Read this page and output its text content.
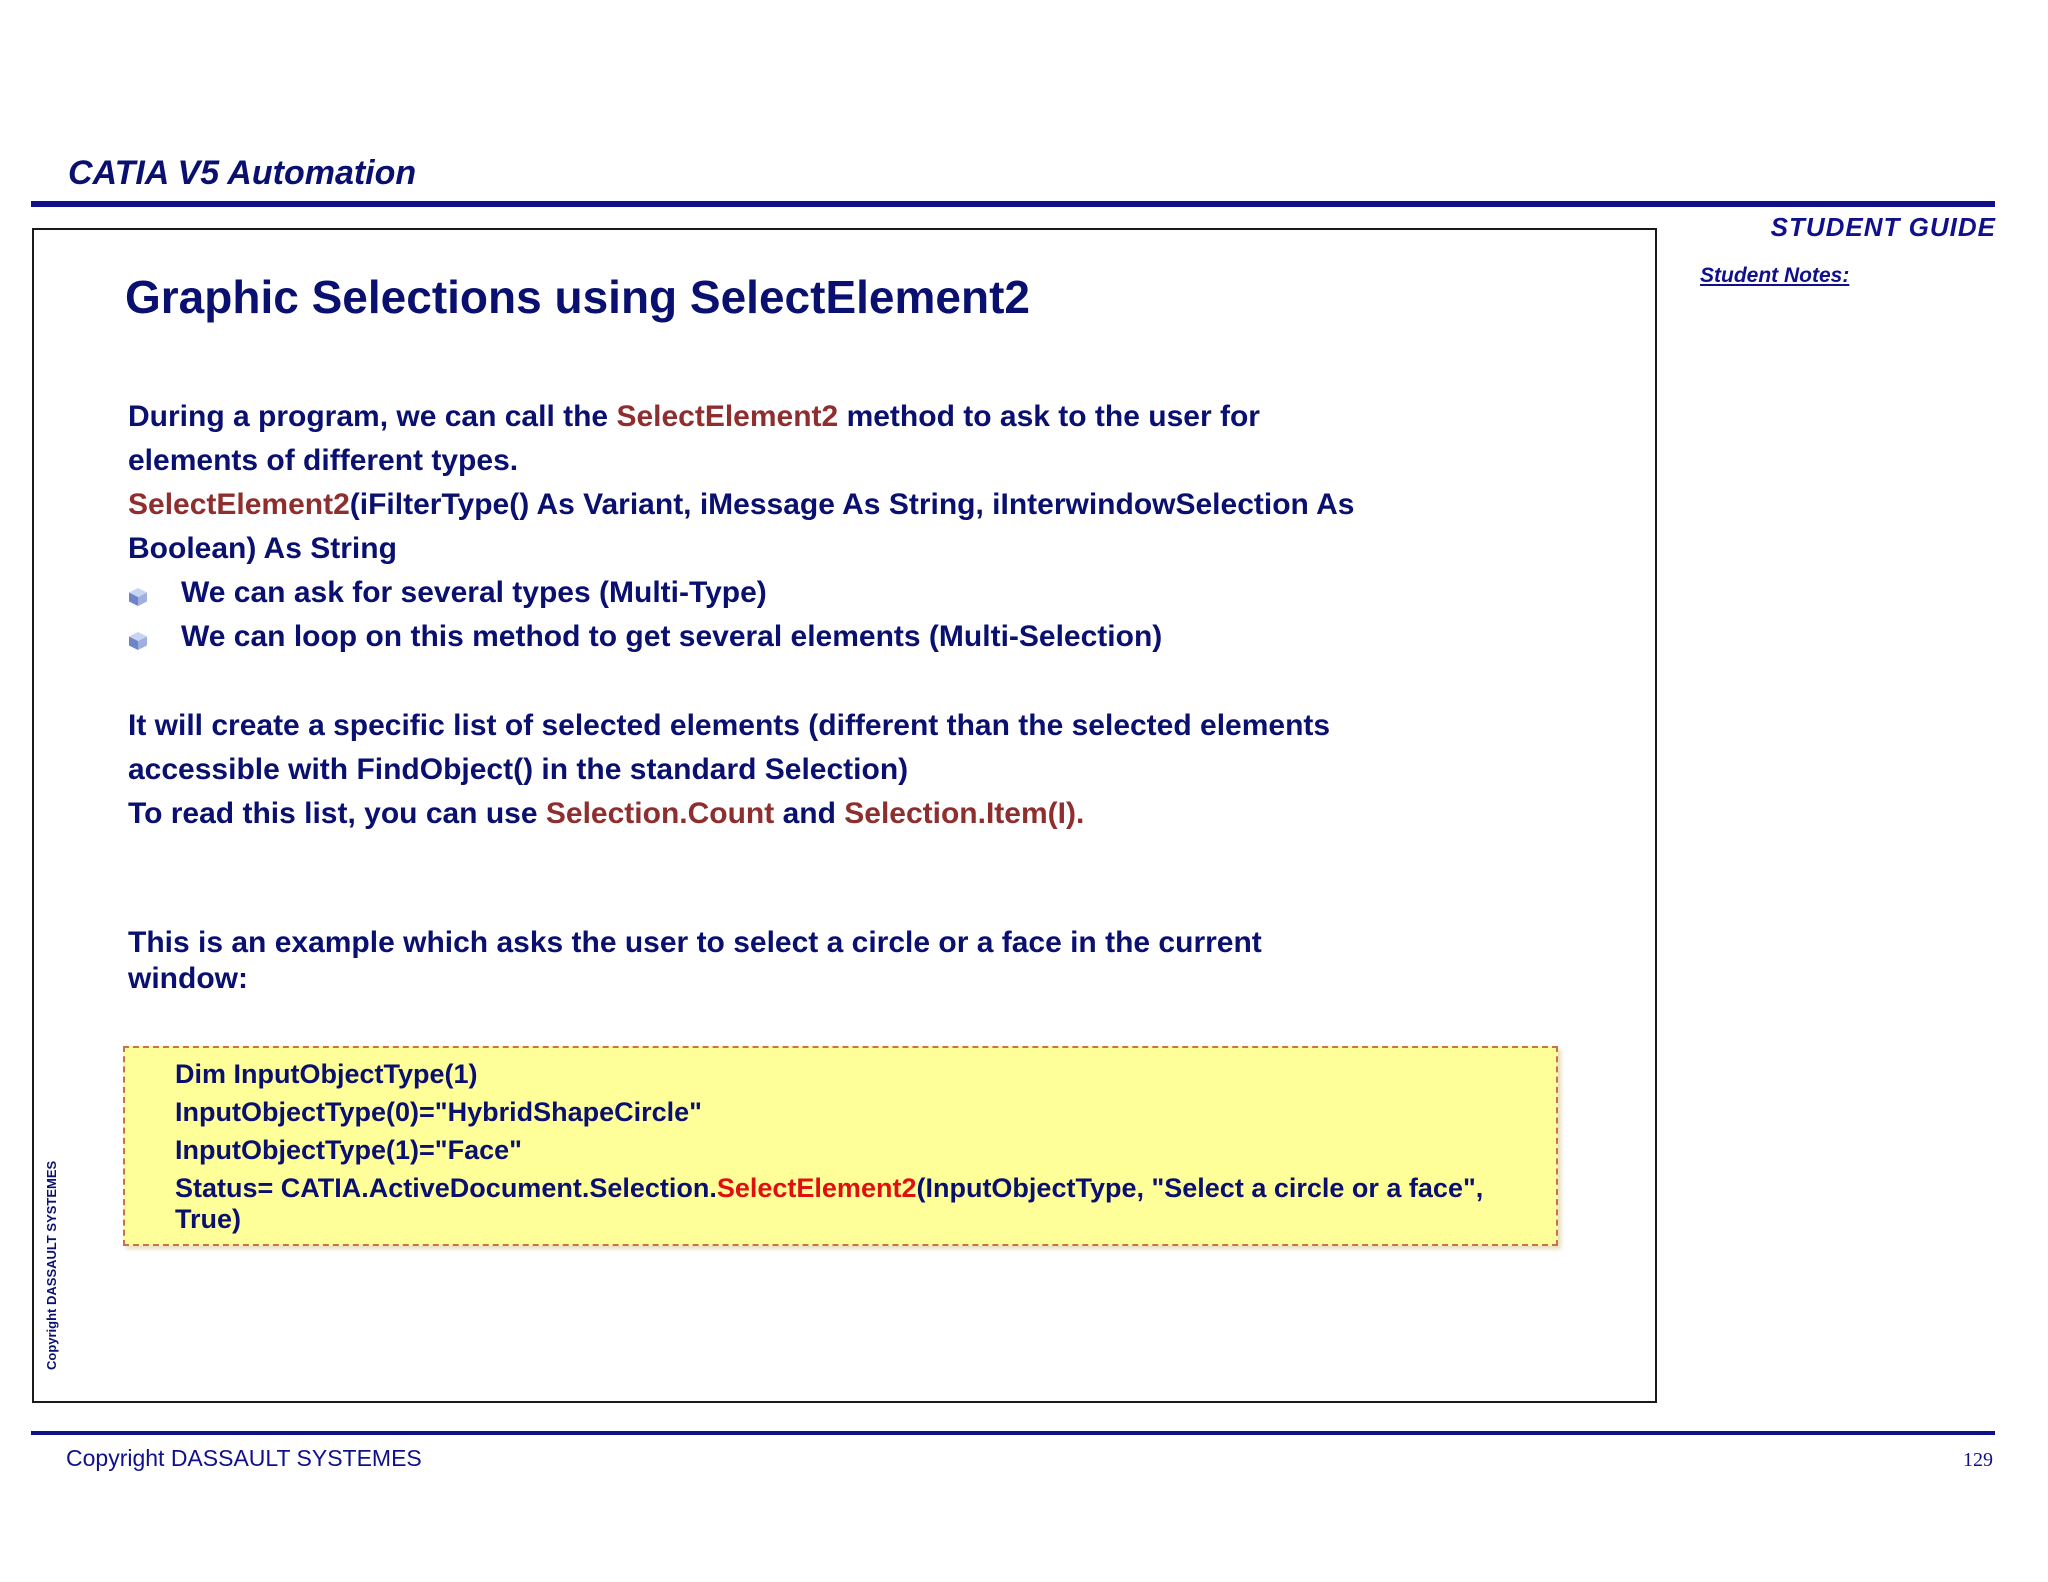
CATIA V5 Automation
STUDENT GUIDE
Student Notes:
Graphic Selections using SelectElement2
During a program, we can call the SelectElement2 method to ask to the user for
elements of different types.
SelectElement2(iFilterType() As Variant, iMessage As String, iInterwindowSelection As
Boolean) As String
We can ask for several types (Multi-Type)
We can loop on this method to get several elements (Multi-Selection)
It will create a specific list of selected elements (different than the selected elements
accessible with FindObject() in the standard Selection)
To read this list, you can use Selection.Count and Selection.Item(I).
This is an example which asks the user to select a circle or a face in the current
window:
Dim InputObjectType(1)
InputObjectType(0)="HybridShapeCircle"
InputObjectType(1)="Face"
Status= CATIA.ActiveDocument.Selection.SelectElement2(InputObjectType, "Select a circle or a face",
True)
Copyright DASSAULT SYSTEMES
Copyright DASSAULT SYSTEMES	129
